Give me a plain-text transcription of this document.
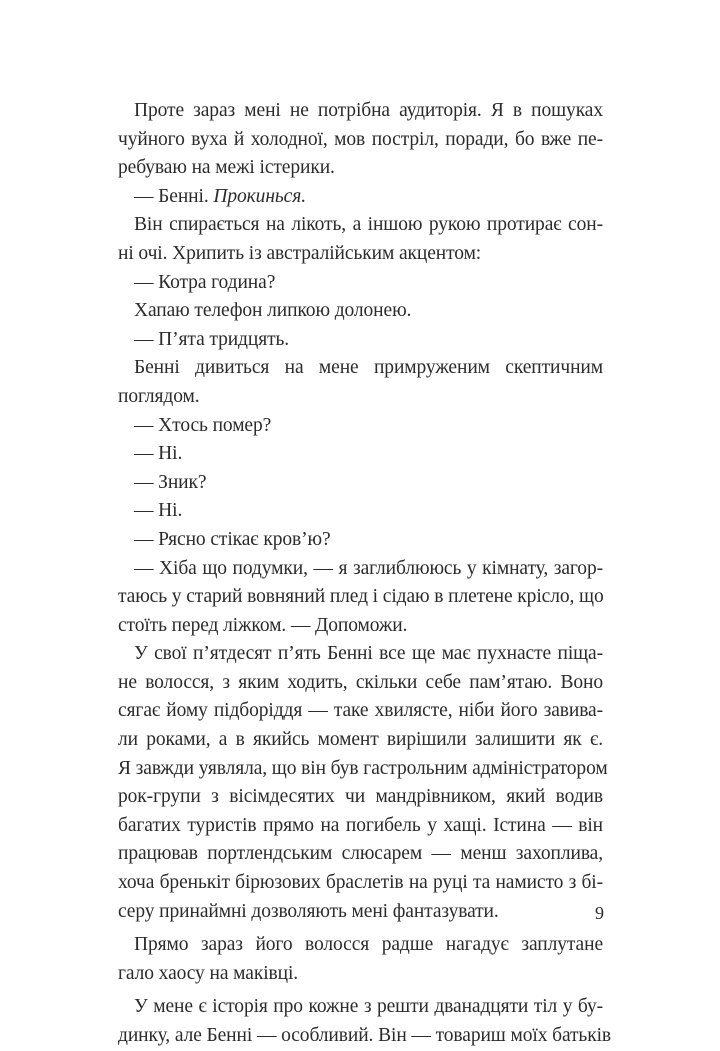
Проте зараз мені не потрібна аудиторія. Я в пошуках
чуйного вуха й холодної, мов постріл, поради, бо вже пе-
ребуваю на межі істерики.
— Бенні. Прокинься.
Він спирається на лікоть, а іншою рукою протирає сон-
ні очі. Хрипить із австралійським акцентом:
— Котра година?
Хапаю телефон липкою долонею.
— П’ята тридцять.
Бенні дивиться на мене примруженим скептичним
поглядом.
— Хтось помер?
— Ні.
— Зник?
— Ні.
— Рясно стікає кров’ю?
— Хіба що подумки, — я заглиблююсь у кімнату, загор-
таюсь у старий вовняний плед і сідаю в плетене крісло, що
стоїть перед ліжком. — Допоможи.
У свої п’ятдесят п’ять Бенні все ще має пухнасте піща-
не волосся, з яким ходить, скільки себе пам’ятаю. Воно
сягає йому підборіддя — таке хвилясте, ніби його завива-
ли роками, а в якийсь момент вирішили залишити як є.
Я завжди уявляла, що він був гастрольним адміністратором
рок-групи з вісімдесятих чи мандрівником, який водив
багатих туристів прямо на погибель у хащі. Істина — він
працював портлендським слюсарем — менш захоплива,
хоча бренькіт бірюзових браслетів на руці та намисто з бі-
серу принаймні дозволяють мені фантазувати.
Прямо зараз його волосся радше нагадує заплутане
гало хаосу на маківці.
У мене є історія про кожне з решти дванадцяти тіл у бу-
динку, але Бенні — особливий. Він — товариш моїх батьків
9
